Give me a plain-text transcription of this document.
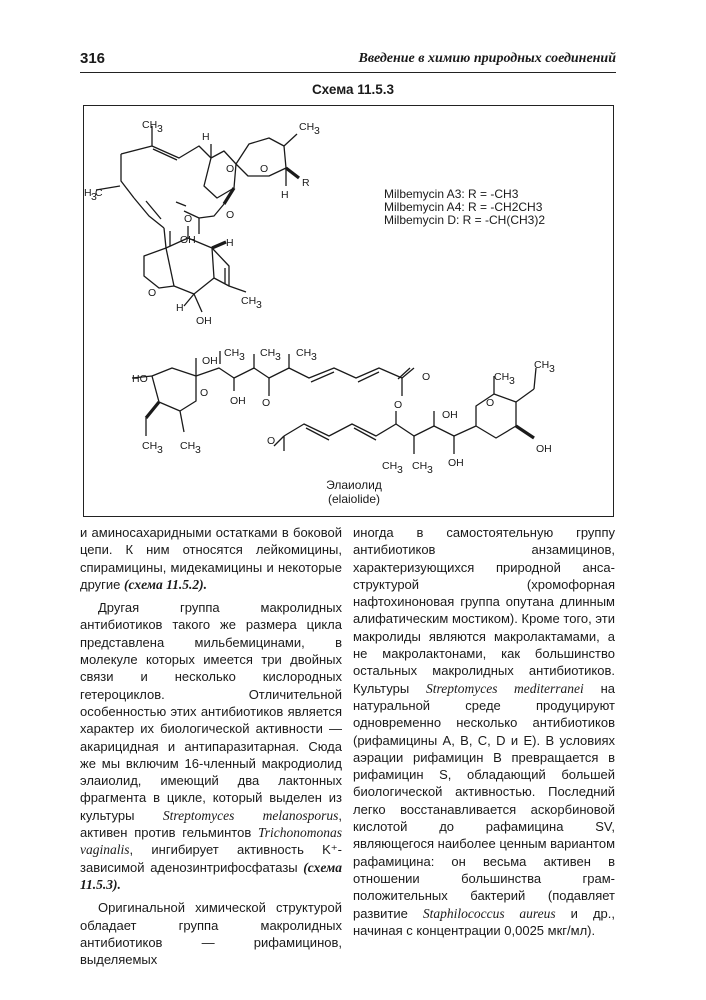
316	Введение в химию природных соединений
Схема 11.5.3
CH 3
H
CH 3
O O
R
H
H 3
C
O
O
OH	H
O
H
CH 3
OH
OH
CH 3 CH 3 CH 3
HO
O
O
OH
CH 3
O
OH	O
O
O
CH 3 CH 3
CH 3 CH 3
CH 3
OH
OH
Milbemycin A3: R = -CH3
Milbemycin A4: R = -CH2CH3
Milbemycin D: R = -CH(CH3)2
Элаиолид
(elaiolide)

и аминосахаридными остатками в боковой цепи. К ним относятся лейкомицины, спирамицины, мидекамицины и некоторые другие (схема 11.5.2).

Другая группа макролидных антибиотиков такого же размера цикла представлена мильбемицинами, в молекуле которых имеется три двойных связи и несколько кислородных гетероциклов. Отличительной особенностью этих антибиотиков является характер их биологической активности — акарицидная и антипаразитарная. Сюда же мы включим 16-членный макродиолид элаиолид, имеющий два лактонных фрагмента в цикле, который выделен из культуры Streptomyces melanosporus, активен против гельминтов Trichonomonas vaginalis, ингибирует активность K⁺-зависимой аденозинтрифосфатазы (схема 11.5.3).

Оригинальной химической структурой обладает группа макролидных антибиотиков — рифамицинов, выделяемых

иногда в самостоятельную группу антибиотиков анзамицинов, характеризующихся природной анса-структурой (хромофорная нафтохиноновая группа опутана длинным алифатическим мостиком). Кроме того, эти макролиды являются макролактамами, а не макролактонами, как большинство остальных макролидных антибиотиков. Культуры Streptomyces mediterranei на натуральной среде продуцируют одновременно несколько антибиотиков (рифамицины A, B, C, D и E). В условиях аэрации рифамицин B превращается в рифамицин S, обладающий большей биологической активностью. Последний легко восстанавливается аскорбиновой кислотой до рафамицина SV, являющегося наиболее ценным вариантом рафамицина: он весьма активен в отношении большинства грам-положительных бактерий (подавляет развитие Staphilococcus aureus и др., начиная с концентрации 0,0025 мкг/мл).
